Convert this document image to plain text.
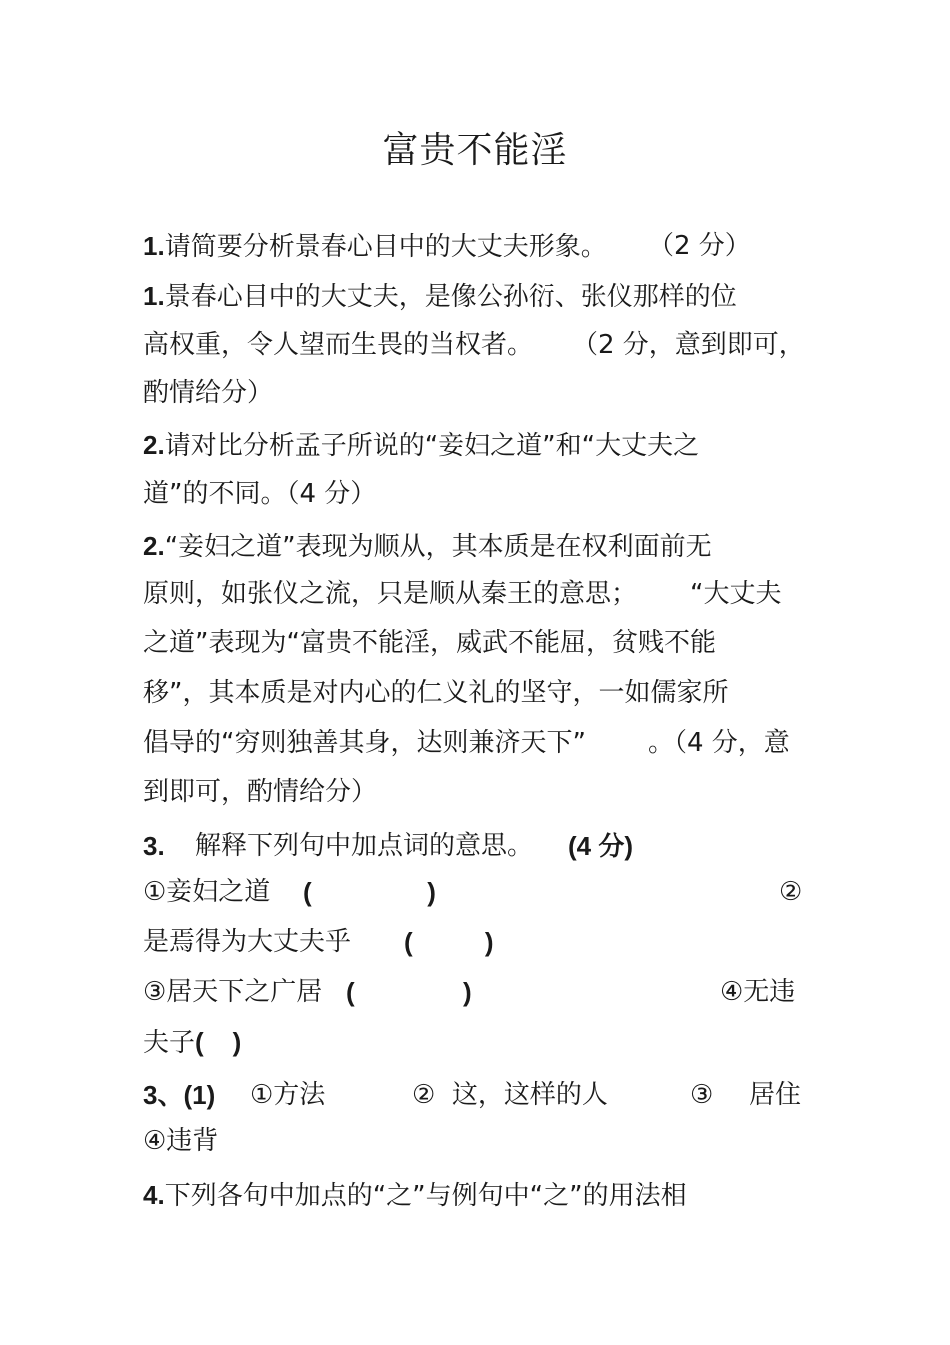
富贵不能淫
1.请简要分析景春心目中的大丈夫形象。 （2 分）
1.景春心目中的大丈夫，是像公孙衍、张仪那样的位
高权重，令人望而生畏的当权者。 （2 分，意到即可，
酌情给分）
2.请对比分析孟子所说的“妾妇之道”和“大丈夫之
道”的不同。（4 分）
2.“妾妇之道”表现为顺从，其本质是在权利面前无
原则，如张仪之流，只是顺从秦王的意思； “大丈夫
之道”表现为“富贵不能淫，威武不能屈，贫贱不能
移”，其本质是对内心的仁义礼的坚守，一如儒家所
倡导的“穷则独善其身，达则兼济天下” 。（4 分，意
到即可，酌情给分）
3. 解释下列句中加点词的意思。 (4 分)
①妾妇之道 (                )	②
是焉得为大丈夫乎 (          )
③居天下之广居 (               )	④无违
夫子(    )
3、(1) ①方法	②  这，这样的人	③ 居住
④违背
4.下列各句中加点的“之”与例句中“之”的用法相
